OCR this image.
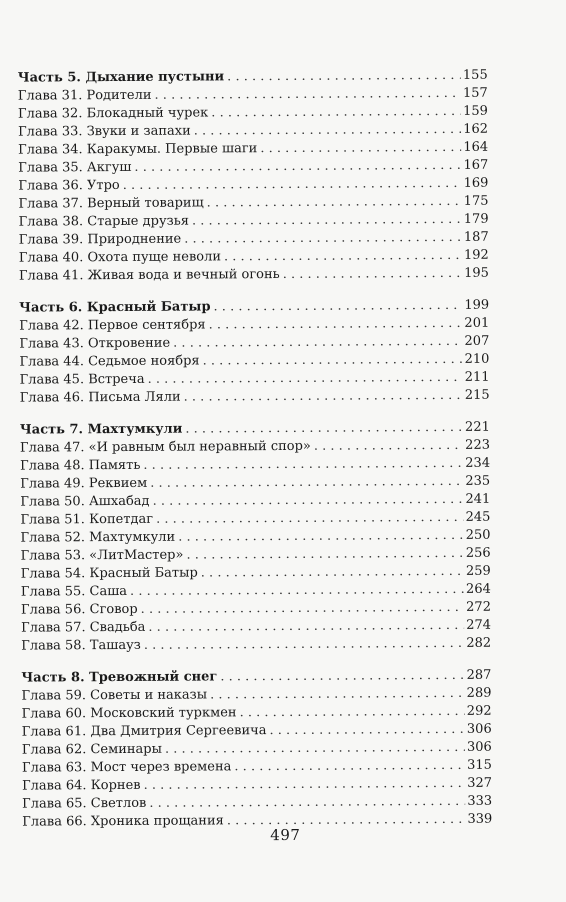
Часть 5. Дыхание пустыни . . .	155
Глава 31. Родители . . .	157
Глава 32. Блокадный чурек . . .	159
Глава 33. Звуки и запахи . . .	162
Глава 34. Каракумы. Первые шаги . . .	164
Глава 35. Акгуш . . .	167
Глава 36. Утро . . .	169
Глава 37. Верный товарищ . . .	175
Глава 38. Старые друзья . . .	179
Глава 39. Природнение . . .	187
Глава 40. Охота пуще неволи . . .	192
Глава 41. Живая вода и вечный огонь . . .	195
Часть 6. Красный Батыр . . .	199
Глава 42. Первое сентября . . .	201
Глава 43. Откровение . . .	207
Глава 44. Седьмое ноября . . .	210
Глава 45. Встреча . . .	211
Глава 46. Письма Ляли . . .	215
Часть 7. Махтумкули . . .	221
Глава 47. «И равным был неравный спор» . . .	223
Глава 48. Память . . .	234
Глава 49. Реквием . . .	235
Глава 50. Ашхабад . . .	241
Глава 51. Копетдаг . . .	245
Глава 52. Махтумкули . . .	250
Глава 53. «ЛитМастер» . . .	256
Глава 54. Красный Батыр . . .	259
Глава 55. Саша . . .	264
Глава 56. Сговор . . .	272
Глава 57. Свадьба . . .	274
Глава 58. Ташауз . . .	282
Часть 8. Тревожный снег . . .	287
Глава 59. Советы и наказы . . .	289
Глава 60. Московский туркмен . . .	292
Глава 61. Два Дмитрия Сергеевича . . .	306
Глава 62. Семинары . . .	306
Глава 63. Мост через времена . . .	315
Глава 64. Корнев . . .	327
Глава 65. Светлов . . .	333
Глава 66. Хроника прощания . . .	339
497
